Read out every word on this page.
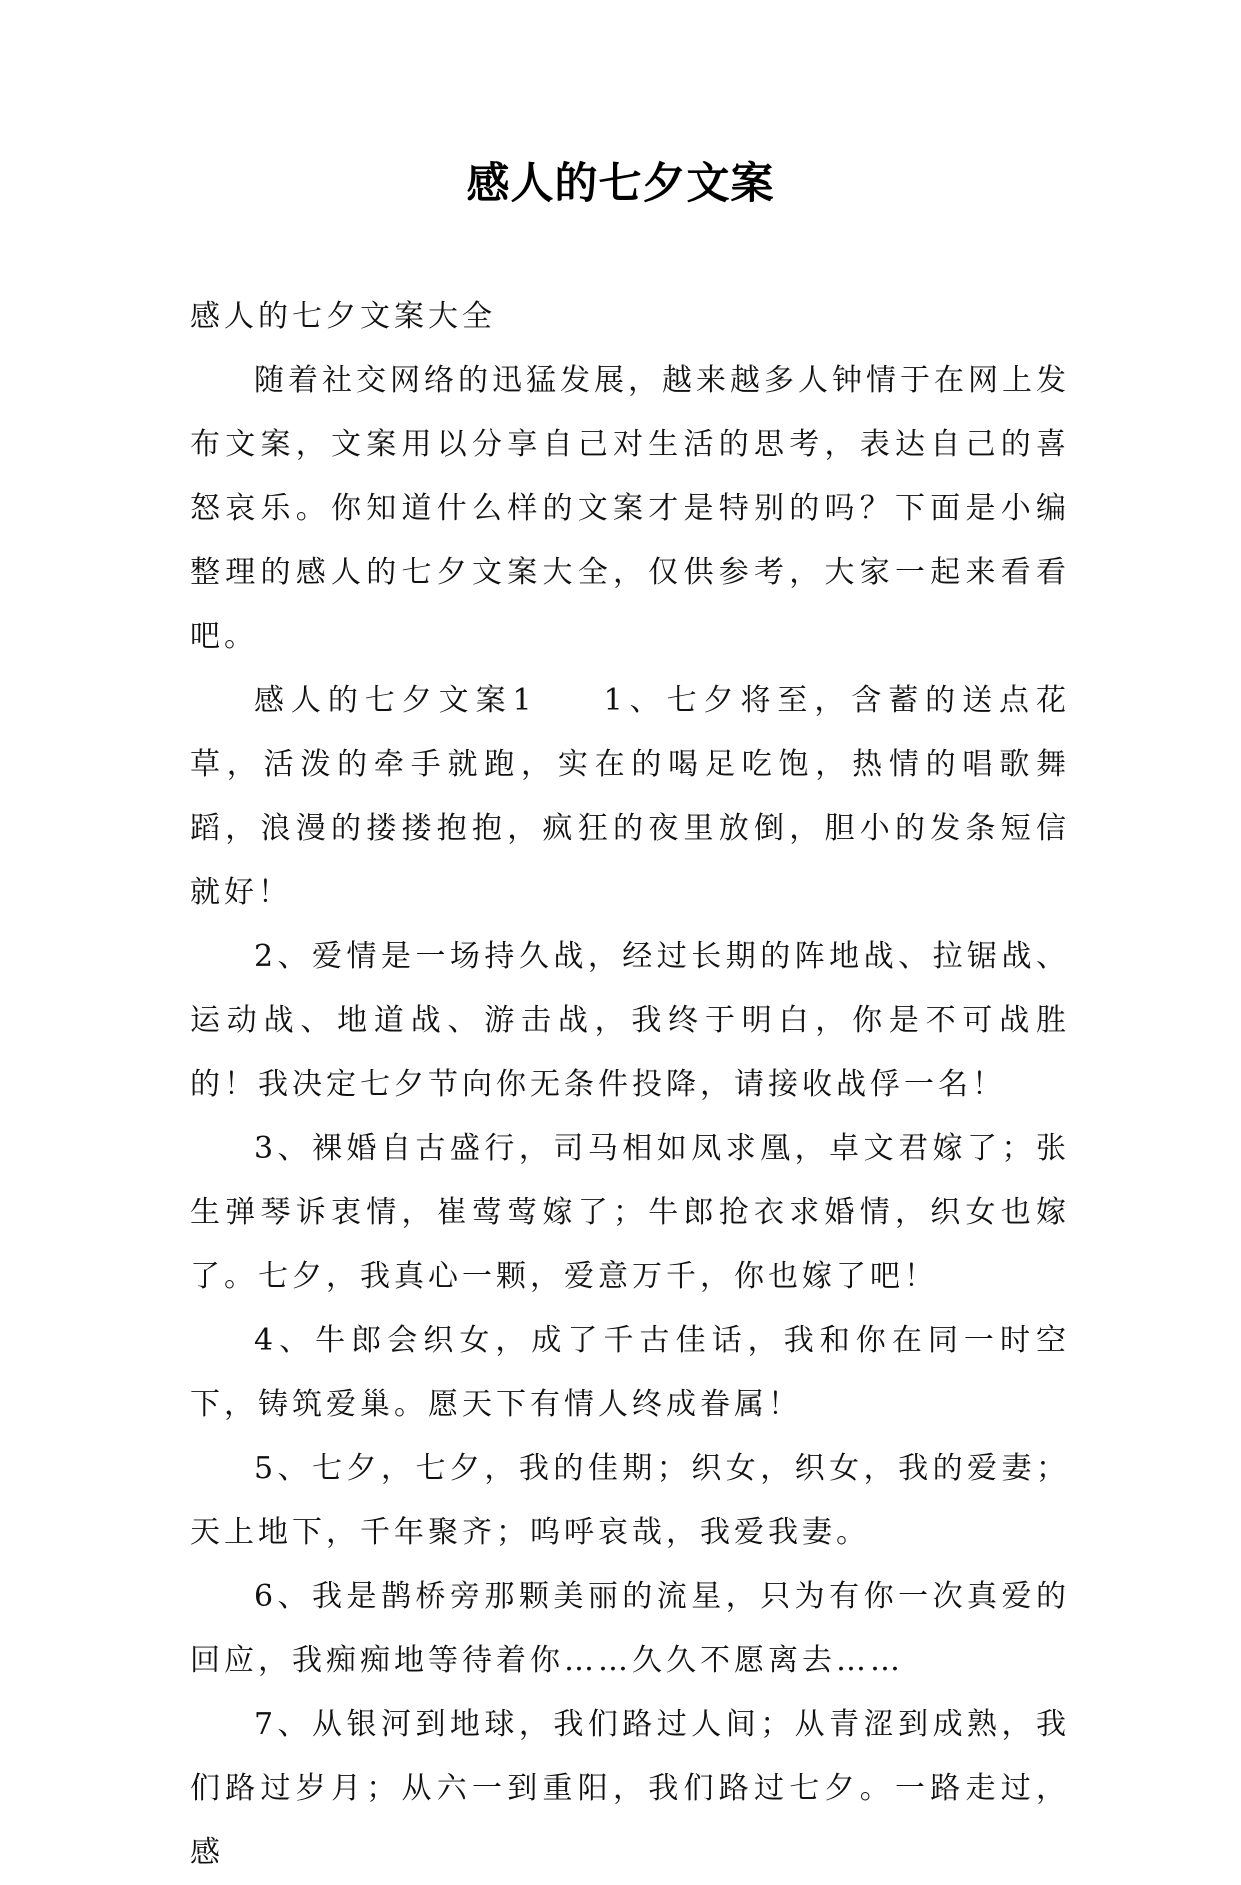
感人的七夕文案

感人的七夕文案大全

随着社交网络的迅猛发展，越来越多人钟情于在网上发布文案，文案用以分享自己对生活的思考，表达自己的喜怒哀乐。你知道什么样的文案才是特别的吗？下面是小编整理的感人的七夕文案大全，仅供参考，大家一起来看看吧。

感人的七夕文案1 1、七夕将至，含蓄的送点花草，活泼的牵手就跑，实在的喝足吃饱，热情的唱歌舞蹈，浪漫的搂搂抱抱，疯狂的夜里放倒，胆小的发条短信就好！

2、爱情是一场持久战，经过长期的阵地战、拉锯战、运动战、地道战、游击战，我终于明白，你是不可战胜的！我决定七夕节向你无条件投降，请接收战俘一名！

3、裸婚自古盛行，司马相如凤求凰，卓文君嫁了；张生弹琴诉衷情，崔莺莺嫁了；牛郎抢衣求婚情，织女也嫁了。七夕，我真心一颗，爱意万千，你也嫁了吧！

4、牛郎会织女，成了千古佳话，我和你在同一时空下，铸筑爱巢。愿天下有情人终成眷属！

5、七夕，七夕，我的佳期；织女，织女，我的爱妻；天上地下，千年聚齐；呜呼哀哉，我爱我妻。

6、我是鹊桥旁那颗美丽的流星，只为有你一次真爱的回应，我痴痴地等待着你……久久不愿离去……

7、从银河到地球，我们路过人间；从青涩到成熟，我们路过岁月；从六一到重阳，我们路过七夕。一路走过，感
